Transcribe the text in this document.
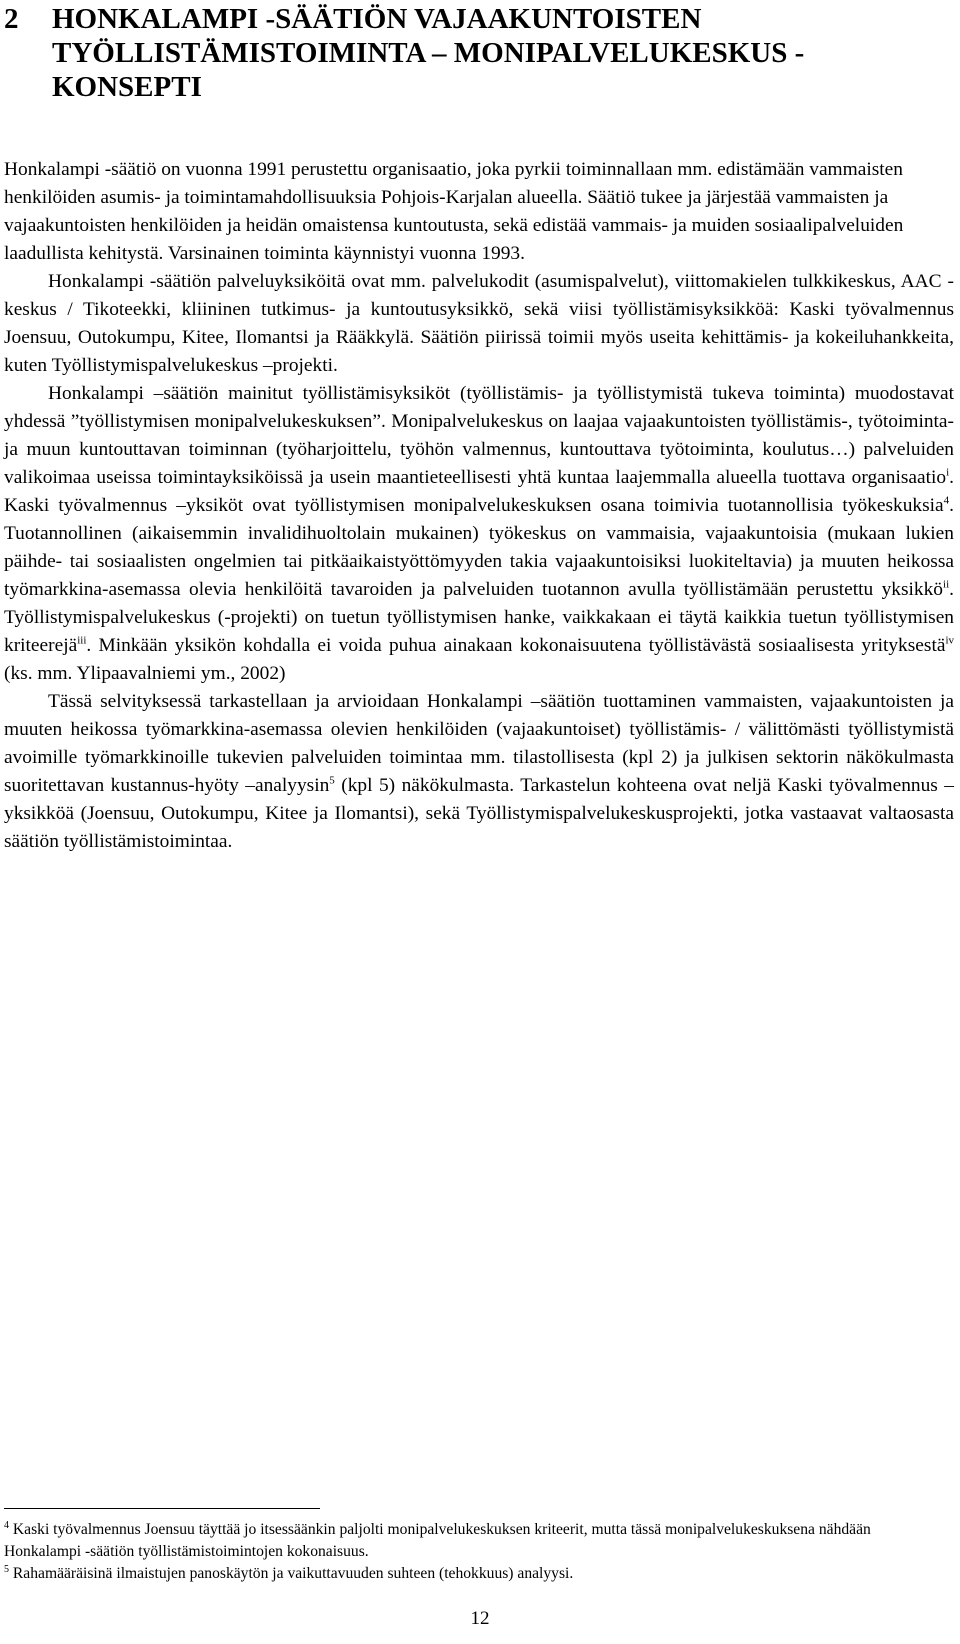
2 HONKALAMPI -SÄÄTIÖN VAJAAKUNTOISTEN TYÖLLISTÄMISTOIMINTA – MONIPALVELUKESKUS - KONSEPTI

Honkalampi -säätiö on vuonna 1991 perustettu organisaatio, joka pyrkii toiminnallaan mm. edistämään vammaisten henkilöiden asumis- ja toimintamahdollisuuksia Pohjois-Karjalan alueella. Säätiö tukee ja järjestää vammaisten ja vajaakuntoisten henkilöiden ja heidän omaistensa kuntoutusta, sekä edistää vammais- ja muiden sosiaalipalveluiden laadullista kehitystä. Varsinainen toiminta käynnistyi vuonna 1993.

Honkalampi -säätiön palveluyksiköitä ovat mm. palvelukodit (asumispalvelut), viittomakielen tulkkikeskus, AAC -keskus / Tikoteekki, kliininen tutkimus- ja kuntoutusyksikkö, sekä viisi työllistämisyksikköä: Kaski työvalmennus Joensuu, Outokumpu, Kitee, Ilomantsi ja Rääkkylä. Säätiön piirissä toimii myös useita kehittämis- ja kokeiluhankkeita, kuten Työllistymispalvelukeskus –projekti.

Honkalampi –säätiön mainitut työllistämisyksiköt (työllistämis- ja työllistymistä tukeva toiminta) muodostavat yhdessä ”työllistymisen monipalvelukeskuksen”. Monipalvelukeskus on laajaa vajaakuntoisten työllistämis-, työtoiminta- ja muun kuntouttavan toiminnan (työharjoittelu, työhön valmennus, kuntouttava työtoiminta, koulutus…) palveluiden valikoimaa useissa toimintayksiköissä ja usein maantieteellisesti yhtä kuntaa laajemmalla alueella tuottava organisaatio$^i$. Kaski työvalmennus –yksiköt ovat työllistymisen monipalvelukeskuksen osana toimivia tuotannollisia työkeskuksia$^4$. Tuotannollinen (aikaisemmin invalidihuoltolain mukainen) työkeskus on vammaisia, vajaakuntoisia (mukaan lukien päihde- tai sosiaalisten ongelmien tai pitkäaikaistyöttömyyden takia vajaakuntoisiksi luokiteltavia) ja muuten heikossa työmarkkina-asemassa olevia henkilöitä tavaroiden ja palveluiden tuotannon avulla työllistämään perustettu yksikkö$^{ii}$. Työllistymispalvelukeskus (-projekti) on tuetun työllistymisen hanke, vaikkakaan ei täytä kaikkia tuetun työllistymisen kriteerejä$^{iii}$. Minkään yksikön kohdalla ei voida puhua ainakaan kokonaisuutena työllistävästä sosiaalisesta yrityksestä$^{iv}$ (ks. mm. Ylipaavalniemi ym., 2002)

Tässä selvityksessä tarkastellaan ja arvioidaan Honkalampi –säätiön tuottaminen vammaisten, vajaakuntoisten ja muuten heikossa työmarkkina-asemassa olevien henkilöiden (vajaakuntoiset) työllistämis- / välittömästi työllistymistä avoimille työmarkkinoille tukevien palveluiden toimintaa mm. tilastollisesta (kpl 2) ja julkisen sektorin näkökulmasta suoritettavan kustannus-hyöty –analyysin$^5$ (kpl 5) näkökulmasta. Tarkastelun kohteena ovat neljä Kaski työvalmennus –yksikköä (Joensuu, Outokumpu, Kitee ja Ilomantsi), sekä Työllistymispalvelukeskusprojekti, jotka vastaavat valtaosasta säätiön työllistämistoimintaa.

$^4$ Kaski työvalmennus Joensuu täyttää jo itsessäänkin paljolti monipalvelukeskuksen kriteerit, mutta tässä monipalvelukeskuksena nähdään Honkalampi -säätiön työllistämistoimintojen kokonaisuus.

$^5$ Rahamääräisinä ilmaistujen panoskäytön ja vaikuttavuuden suhteen (tehokkuus) analyysi.

12
